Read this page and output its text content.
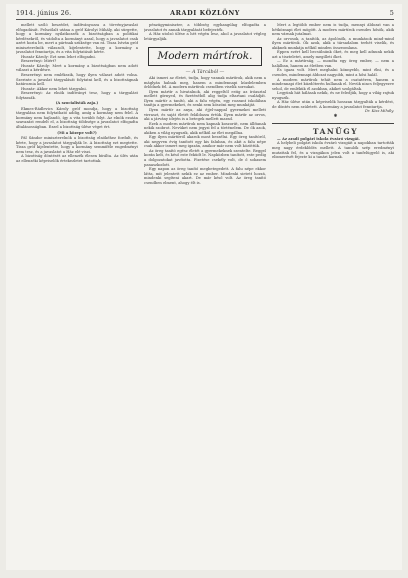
1914. június 26.	ARADI KÖZLÖNY	5

mellett szóló beszédet, indítványozza a törvényjavaslat elfogadását. Felszólalt utána a gróf Károlyi Mihály, aki sürgette, hogy a kormány nyilatkozzék a bizottságban a politikai kérdésekről, és vádolta a kormányt azzal, hogy a javaslatot csak azért hozta be, mert a pártnak szüksége van rá. Tisza István gróf miniszterelnök válaszolt, kijelentette, hogy a kormány a javaslatot fenntartja, és a vita folytatását kérte.

Huszár Károly: Ezt nem lehet elfogadni.

Beszerényi: Miért?

Huszár Károly: Mert a kormány a bizottságban nem adott választ a kérdésre.

Beszerényi nem emlékszik, hogy ilyen választ adott volna. Szerinte a javaslat tárgyalását folytatni kell, és a bizottságnak határoznia kell.

Huszár: Akkor nem lehet tárgyalni.

Beszerényi: Az elnök indítványt tesz, hogy a tárgyalást folytassák.

(A szocialisták zaja.)

Ekmes-Rádlevics Károly gróf mondja, hogy a bizottság tárgyalása nem folytatható addig, amíg a kormány nem felel. A kormány nem hajlandó, így a vita tovább folyt. Az elnök ezután szavazást rendelt el, a bizottság többsége a javaslatot elfogadta általánosságban. Ezzel a bizottság ülése véget ért.

(Mi a közepe volt?)

Pál Sándor miniszterelnök a bizottság elnökéhez fordult, és kérte, hogy a javaslatot tárgyalják le. A bizottság ezt megtette. Tisza gróf kijelentette, hogy a kormány semmiféle engedményt nem tesz, és a javaslatot a Ház elé viszi.

A bizottság döntését az ellenzék élesen bírálta. Az ülés után az ellenzéki képviselők értekezletet tartottak.

pénzügyminiszter, a többség egyhangúlag elfogadta a javaslatot és annak tárgyalását befejezték.

A Ház utolsó ülése a hét végén lesz, ahol a javaslatot végleg letárgyalják.

Modern mártírok.

— A Tárcából —

Aki ismeri az életet, tudja, hogy vannak mártírok, akik nem a máglyán halnak meg, hanem a mindennapi küzdelemben őrlődnek fel. A modern mártírok csendben viselik sorsukat.

Ilyen mártír a hivatalnok, aki reggeltől estig az íróasztal mellett görnyed, és fizetéséből alig tudja eltartani családját. Ilyen mártír a tanító, aki a falu végén, egy rozzant iskolában tanítja a gyermekeket, és senki sem köszöni meg munkáját.

Ilyen mártír az anya, aki éjjel-nappal gyermekei mellett virraszt, és saját életét feláldozza értük. Ilyen mártír az orvos, aki a járvány idején is a betegek mellett marad.

Ezek a modern mártírok nem kapnak koszorút, nem állítanak nekik szobrot. Nevüket nem jegyzi fel a történelem. De ők azok, akiken a világ nyugszik, akik nélkül az élet megállna.

Egy ilyen mártírról akarok most beszélni. Egy öreg tanítóról, aki negyven évig tanított egy kis faluban, és akit a falu népe csak akkor ismert meg igazán, amikor már nem volt közöttük.

Az öreg tanító egész életét a gyermekeknek szentelte. Reggel korán kelt, és késő este feküdt le. Napközben tanított, este pedig a dolgozatokat javította. Fizetése csekély volt, de ő sohasem panaszkodott.

Egy napon az öreg tanító megbetegedett. A falu népe ekkor látta, mit jelentett nekik ez az ember. Mindenki sietett hozzá, mindenki segíteni akart. De már késő volt. Az öreg tanító csendben elment, ahogy élt is.

Mert a legtöbb ember nem is tudja, mennyi áldozat van a hétköznapi élet mögött. A modern mártírok csendes hősök, akik nem várnak jutalmat.

Az orvosok, a tanítók, az ápolónők, a munkások mind-mind ilyen mártírok. Ők azok, akik a társadalom terhét viselik, és akiknek munkája nélkül minden összeomlana.

Éppen ezért kell becsülnünk őket, és meg kell adnunk nekik azt a tiszteletet, amely megilleti őket.

— Ez a mártírság, — mondta egy öreg ember, — nem a halálban, hanem az életben van.

És igaza volt. Mert meghalni könnyebb, mint élni, és a csendes, mindennapi áldozat nagyobb, mint a hősi halál.

A modern mártírok tehát nem a csatatéren, hanem a mindennapi élet küzdőterén hullanak el. Nevük nincs feljegyezve sehol, de emlékük él azokban, akiket szolgáltak.

Legyünk hát hálásak nekik, és ne feledjük, hogy a világ rajtuk nyugszik.

A Ház ülése után a képviselők hosszan tárgyalták a kérdést, de döntés nem született. A kormány a javaslatot fenntartja.

Dr. Kiss Mihály.

✱

TANÜGY

— Az aradi polgári iskola évzáró vizsgái.

A helybeli polgári iskola évzáró vizsgáit a napokban tartották meg nagy érdeklődés mellett. A tanulók szép eredményt mutattak fel, és a vizsgákon jelen volt a tanfelügyelő is, aki elismerését fejezte ki a tanári karnak.
